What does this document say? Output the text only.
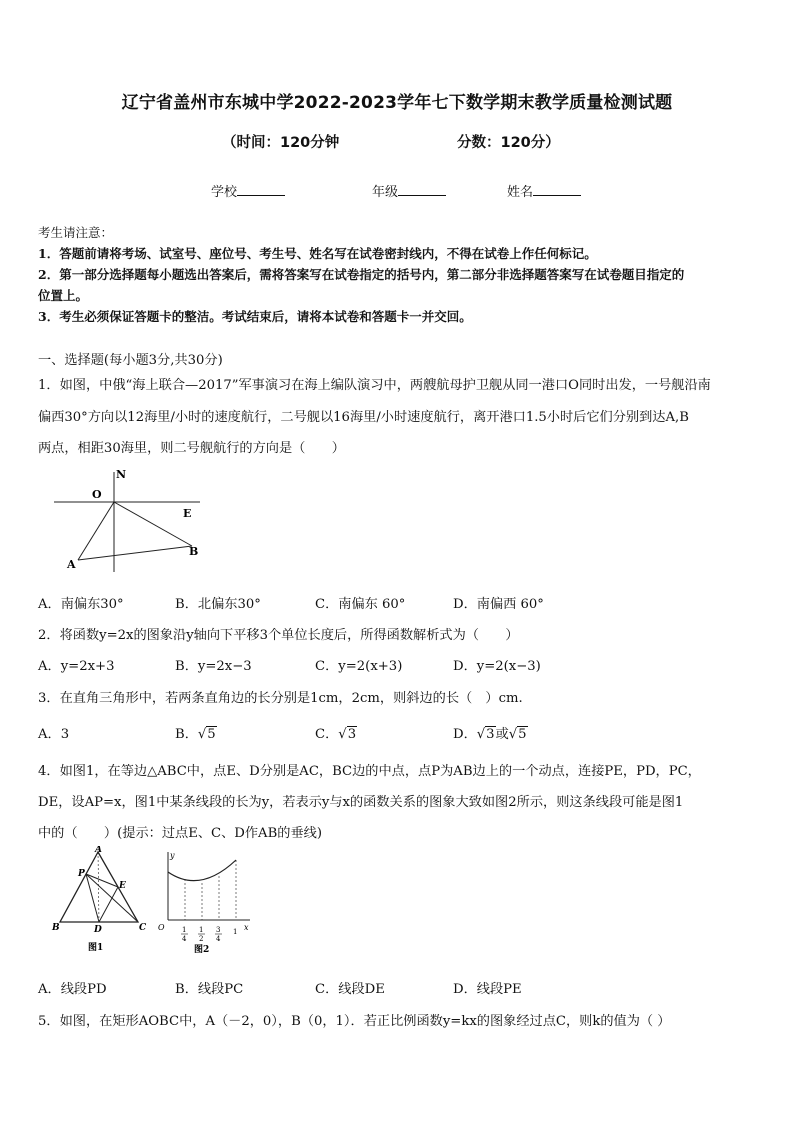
辽宁省盖州市东城中学2022-2023学年七下数学期末教学质量检测试题
（时间：120分钟	分数：120分）
学校	年级	姓名
考生请注意：
1．答题前请将考场、试室号、座位号、考生号、姓名写在试卷密封线内，不得在试卷上作任何标记。
2．第一部分选择题每小题选出答案后，需将答案写在试卷指定的括号内，第二部分非选择题答案写在试卷题目指定的
位置上。
3．考生必须保证答题卡的整洁。考试结束后，请将本试卷和答题卡一并交回。
一、选择题(每小题3分,共30分)
1．如图，中俄“海上联合—2017”军事演习在海上编队演习中，两艘航母护卫舰从同一港口O同时出发，一号舰沿南
偏西30°方向以12海里/小时的速度航行，二号舰以16海里/小时速度航行，离开港口1.5小时后它们分别到达A,B
两点，相距30海里，则二号舰航行的方向是（　　）
N
O
E
A
B
A．南偏东30°	B．北偏东30°	C．南偏东 60°	D．南偏西 60°
2．将函数y=2x的图象沿y轴向下平移3个单位长度后，所得函数解析式为（　　）
A．y=2x+3	B．y=2x−3	C．y=2(x+3)	D．y=2(x−3)
3．在直角三角形中，若两条直角边的长分别是1cm，2cm，则斜边的长（　）cm.
A．3	B．√5	C．√3	D．√3或√5
4．如图1，在等边△ABC中，点E、D分别是AC，BC边的中点，点P为AB边上的一个动点，连接PE，PD，PC，
DE，设AP=x，图1中某条线段的长为y，若表示y与x的函数关系的图象大致如图2所示，则这条线段可能是图1
中的（　　）(提示：过点E、C、D作AB的垂线)
A
B	C
D
E
P
图1
y
x
O 1
4
1
2
3
4
1
图2
A．线段PD	B．线段PC	C．线段DE	D．线段PE
5．如图，在矩形AOBC中，A（－2，0），B（0，1）．若正比例函数y=kx的图象经过点C，则k的值为（ ）
